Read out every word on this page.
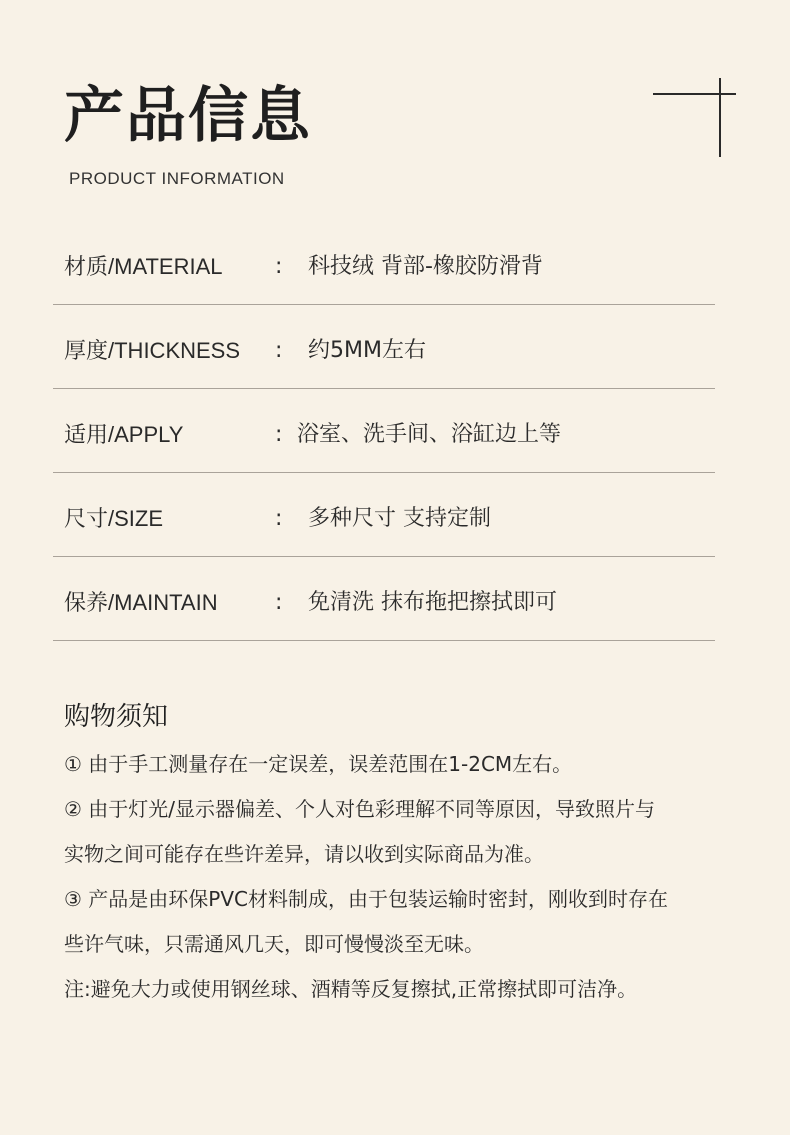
产品信息
PRODUCT INFORMATION
材质/MATERIAL : 科技绒 背部-橡胶防滑背
厚度/THICKNESS : 约5MM左右
适用/APPLY	: 浴室、洗手间、浴缸边上等
尺寸/SIZE	: 多种尺寸 支持定制
保养/MAINTAIN	: 免清洗 抹布拖把擦拭即可
购物须知
① 由于手工测量存在一定误差，误差范围在1-2CM左右。
② 由于灯光/显示器偏差、个人对色彩理解不同等原因，导致照片与
实物之间可能存在些许差异，请以收到实际商品为准。
③ 产品是由环保PVC材料制成，由于包装运输时密封，刚收到时存在
些许气味，只需通风几天，即可慢慢淡至无味。
注:避免大力或使用钢丝球、酒精等反复擦拭,正常擦拭即可洁净。
